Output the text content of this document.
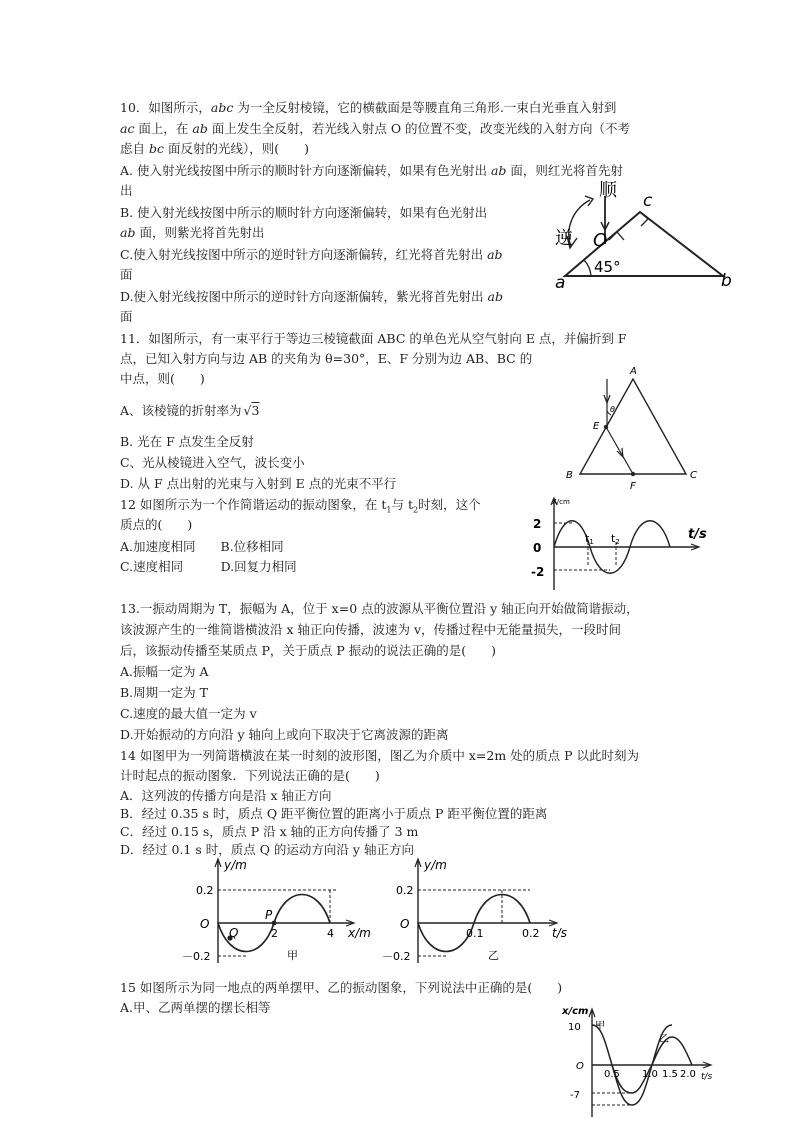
10．如图所示，abc 为一全反射棱镜，它的横截面是等腰直角三角形.一束白光垂直入射到
ac 面上，在 ab 面上发生全反射，若光线入射点 O 的位置不变，改变光线的入射方向（不考
虑自 bc 面反射的光线），则(　　)
A. 使入射光线按图中所示的顺时针方向逐渐偏转，如果有色光射出 ab 面，则红光将首先射
出
B. 使入射光线按图中所示的顺时针方向逐渐偏转，如果有色光射出
ab 面，则紫光将首先射出
C.使入射光线按图中所示的逆时针方向逐渐偏转，红光将首先射出 ab
面
D.使入射光线按图中所示的逆时针方向逐渐偏转，紫光将首先射出 ab
面
顺
逆
c
O
45°
a	b
11．如图所示，有一束平行于等边三棱镜截面 ABC 的单色光从空气射向 E 点，并偏折到 F
点，已知入射方向与边 AB 的夹角为 θ=30°，E、F 分别为边 AB、BC 的
中点，则(　　)
A、该棱镜的折射率为 √3
B. 光在 F 点发生全反射
C、光从棱镜进入空气，波长变小
D. 从 F 点出射的光束与入射到 E 点的光束不平行
A
B	C
E
F
θ
12 如图所示为一个作简谐运动的振动图象，在 $t_1$与 $t_2$时刻，这个
质点的(　　)
A.加速度相同　　B.位移相同
C.速度相同　　　D.回复力相同
X/cm
2
0
-2
t1 t2	t/s
13.一振动周期为 T，振幅为 A，位于 x=0 点的波源从平衡位置沿 y 轴正向开始做简谐振动，
该波源产生的一维简谐横波沿 x 轴正向传播，波速为 v，传播过程中无能量损失，一段时间
后，该振动传播至某质点 P，关于质点 P 振动的说法正确的是(　　)
A.振幅一定为 A
B.周期一定为 T
C.速度的最大值一定为 v
D.开始振动的方向沿 y 轴向上或向下取决于它离波源的距离
14 如图甲为一列简谐横波在某一时刻的波形图，图乙为介质中 x=2m 处的质点 P 以此时刻为
计时起点的振动图象．下列说法正确的是(　　)
A．这列波的传播方向是沿 x 轴正方向
B．经过 0.35 s 时，质点 Q 距平衡位置的距离小于质点 P 距平衡位置的距离
C．经过 0.15 s，质点 P 沿 x 轴的正方向传播了 3 m
D．经过 0.1 s 时，质点 Q 的运动方向沿 y 轴正方向
y/m
0.2
－0.2
O
Q
P
2	4 x/m
甲
y/m
0.2
－0.2
O
0.1	0.2 t/s
乙
15 如图所示为同一地点的两单摆甲、乙的振动图象，下列说法中正确的是(　　)
A.甲、乙两单摆的摆长相等	x/cm
10 甲
乙
O
0.5 1.0 1.5 2.0 t/s
-7
